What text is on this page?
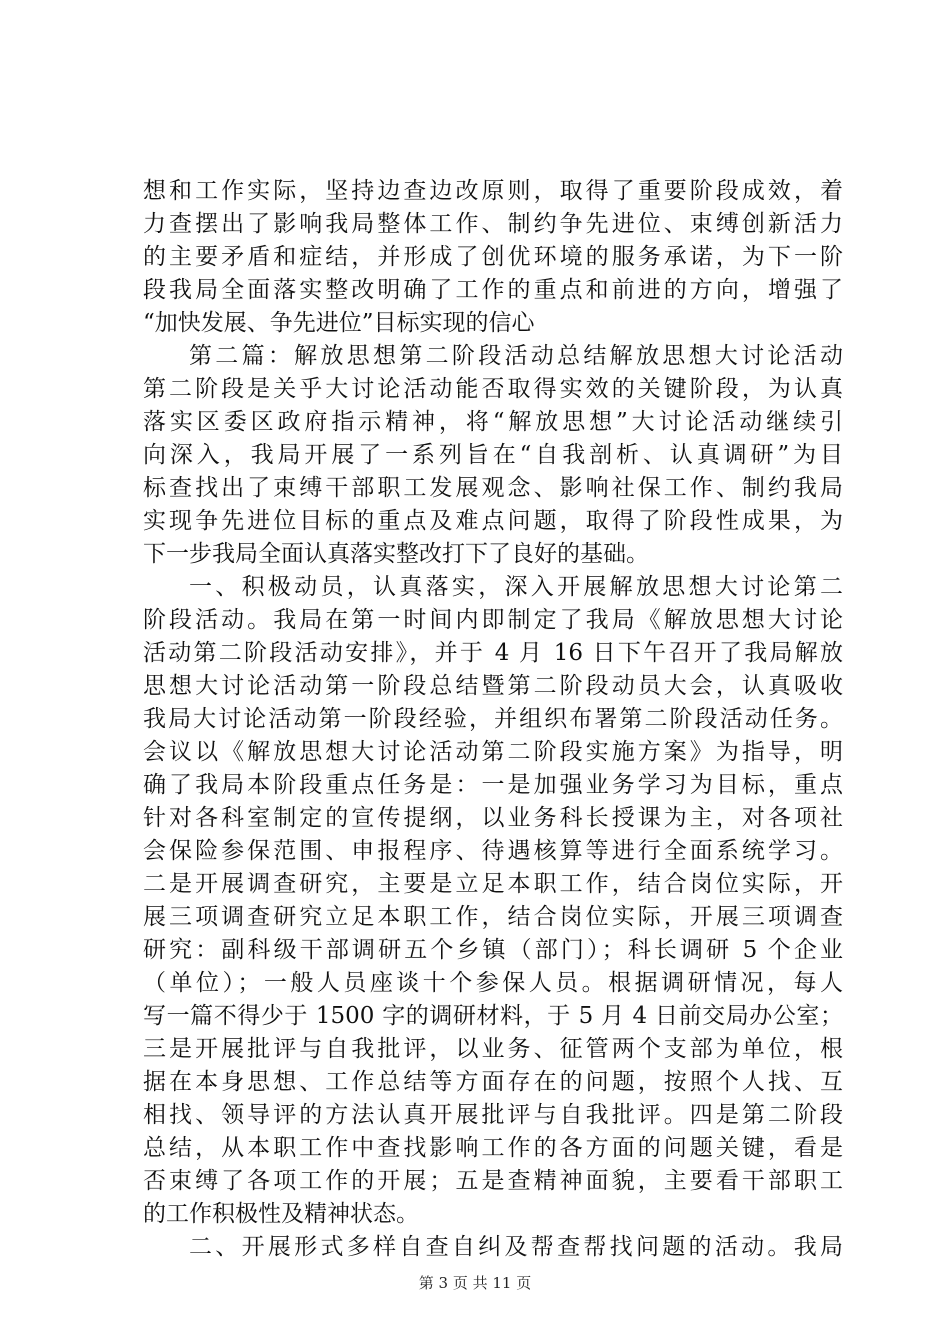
想和工作实际，坚持边查边改原则，取得了重要阶段成效，着
力查摆出了影响我局整体工作、制约争先进位、束缚创新活力
的主要矛盾和症结，并形成了创优环境的服务承诺，为下一阶
段我局全面落实整改明确了工作的重点和前进的方向，增强了
“加快发展、争先进位”目标实现的信心
第二篇：解放思想第二阶段活动总结解放思想大讨论活动
第二阶段是关乎大讨论活动能否取得实效的关键阶段，为认真
落实区委区政府指示精神，将“解放思想”大讨论活动继续引
向深入，我局开展了一系列旨在“自我剖析、认真调研”为目
标查找出了束缚干部职工发展观念、影响社保工作、制约我局
实现争先进位目标的重点及难点问题，取得了阶段性成果，为
下一步我局全面认真落实整改打下了良好的基础。
一、积极动员，认真落实，深入开展解放思想大讨论第二
阶段活动。我局在第一时间内即制定了我局《解放思想大讨论
活动第二阶段活动安排》，并于 4 月 16 日下午召开了我局解放
思想大讨论活动第一阶段总结暨第二阶段动员大会，认真吸收
我局大讨论活动第一阶段经验，并组织布署第二阶段活动任务。
会议以《解放思想大讨论活动第二阶段实施方案》为指导，明
确了我局本阶段重点任务是：一是加强业务学习为目标，重点
针对各科室制定的宣传提纲，以业务科长授课为主，对各项社
会保险参保范围、申报程序、待遇核算等进行全面系统学习。
二是开展调查研究，主要是立足本职工作，结合岗位实际，开
展三项调查研究立足本职工作，结合岗位实际，开展三项调查
研究：副科级干部调研五个乡镇（部门）；科长调研 5 个企业
（单位）；一般人员座谈十个参保人员。根据调研情况，每人
写一篇不得少于 1500 字的调研材料，于 5 月 4 日前交局办公室；
三是开展批评与自我批评，以业务、征管两个支部为单位，根
据在本身思想、工作总结等方面存在的问题，按照个人找、互
相找、领导评的方法认真开展批评与自我批评。四是第二阶段
总结，从本职工作中查找影响工作的各方面的问题关键，看是
否束缚了各项工作的开展；五是查精神面貌，主要看干部职工
的工作积极性及精神状态。
二、开展形式多样自查自纠及帮查帮找问题的活动。我局
第 3 页 共 11 页
